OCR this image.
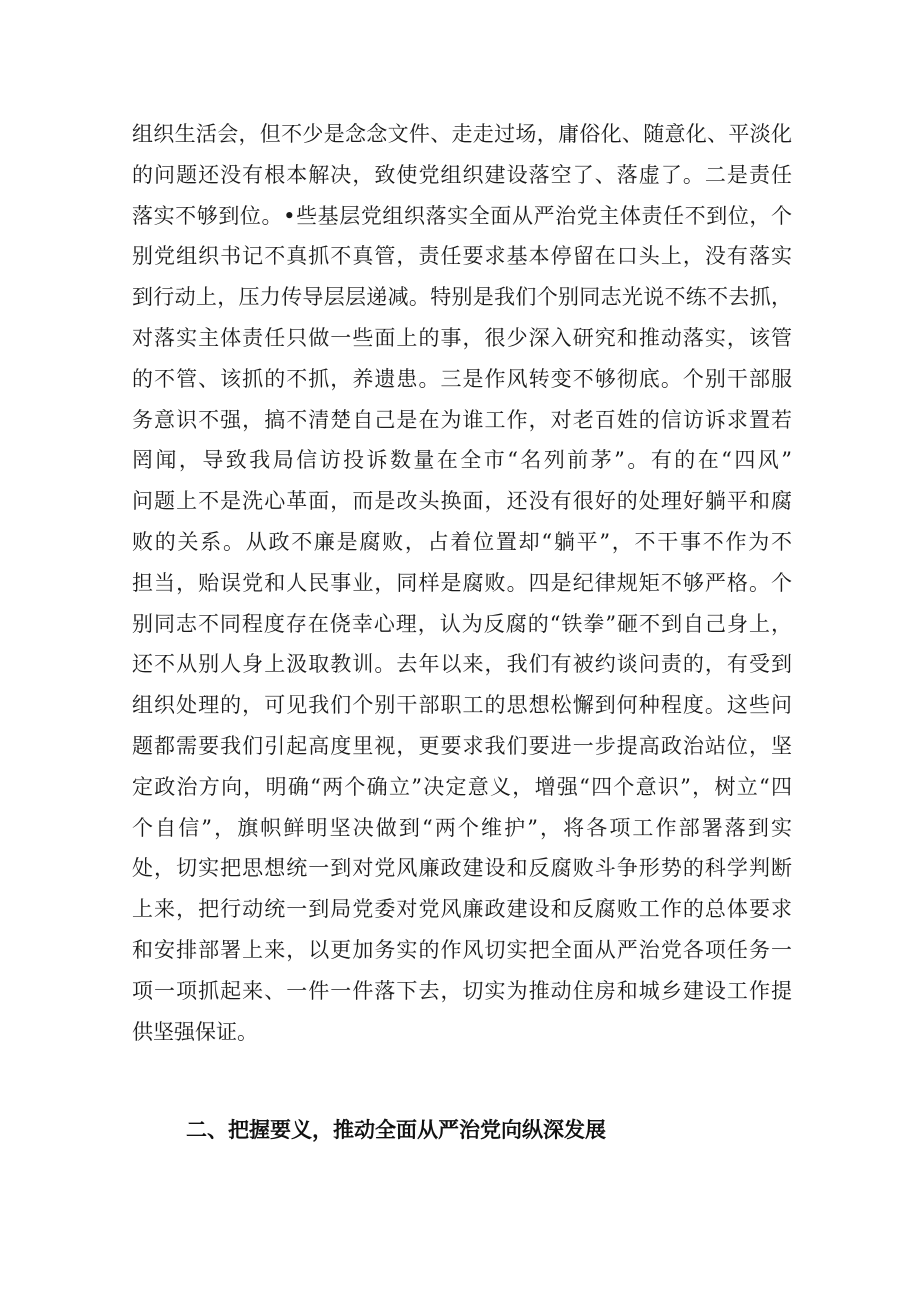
组织生活会，但不少是念念文件、走走过场，庸俗化、随意化、平淡化
的问题还没有根本解决，致使党组织建设落空了、落虚了。二是责任
落实不够到位。•些基层党组织落实全面从严治党主体责任不到位，个
别党组织书记不真抓不真管，责任要求基本停留在口头上，没有落实
到行动上，压力传导层层递减。特别是我们个别同志光说不练不去抓，
对落实主体责任只做一些面上的事，很少深入研究和推动落实，该管
的不管、该抓的不抓，养遗患。三是作风转变不够彻底。个别干部服
务意识不强，搞不清楚自己是在为谁工作，对老百姓的信访诉求置若
罔闻，导致我局信访投诉数量在全市“名列前茅”。有的在“四风”
问题上不是洗心革面，而是改头换面，还没有很好的处理好躺平和腐
败的关系。从政不廉是腐败，占着位置却“躺平”，不干事不作为不
担当，贻误党和人民事业，同样是腐败。四是纪律规矩不够严格。个
别同志不同程度存在侥幸心理，认为反腐的“铁拳”砸不到自己身上，
还不从别人身上汲取教训。去年以来，我们有被约谈问责的，有受到
组织处理的，可见我们个别干部职工的思想松懈到何种程度。这些问
题都需要我们引起高度里视，更要求我们要进一步提高政治站位，坚
定政治方向，明确“两个确立”决定意义，增强“四个意识”，树立“四
个自信”，旗帜鲜明坚决做到“两个维护”，将各项工作部署落到实
处，切实把思想统一到对党风廉政建设和反腐败斗争形势的科学判断
上来，把行动统一到局党委对党风廉政建设和反腐败工作的总体要求
和安排部署上来，以更加务实的作风切实把全面从严治党各项任务一
项一项抓起来、一件一件落下去，切实为推动住房和城乡建设工作提
供坚强保证。
二、把握要义，推动全面从严治党向纵深发展
